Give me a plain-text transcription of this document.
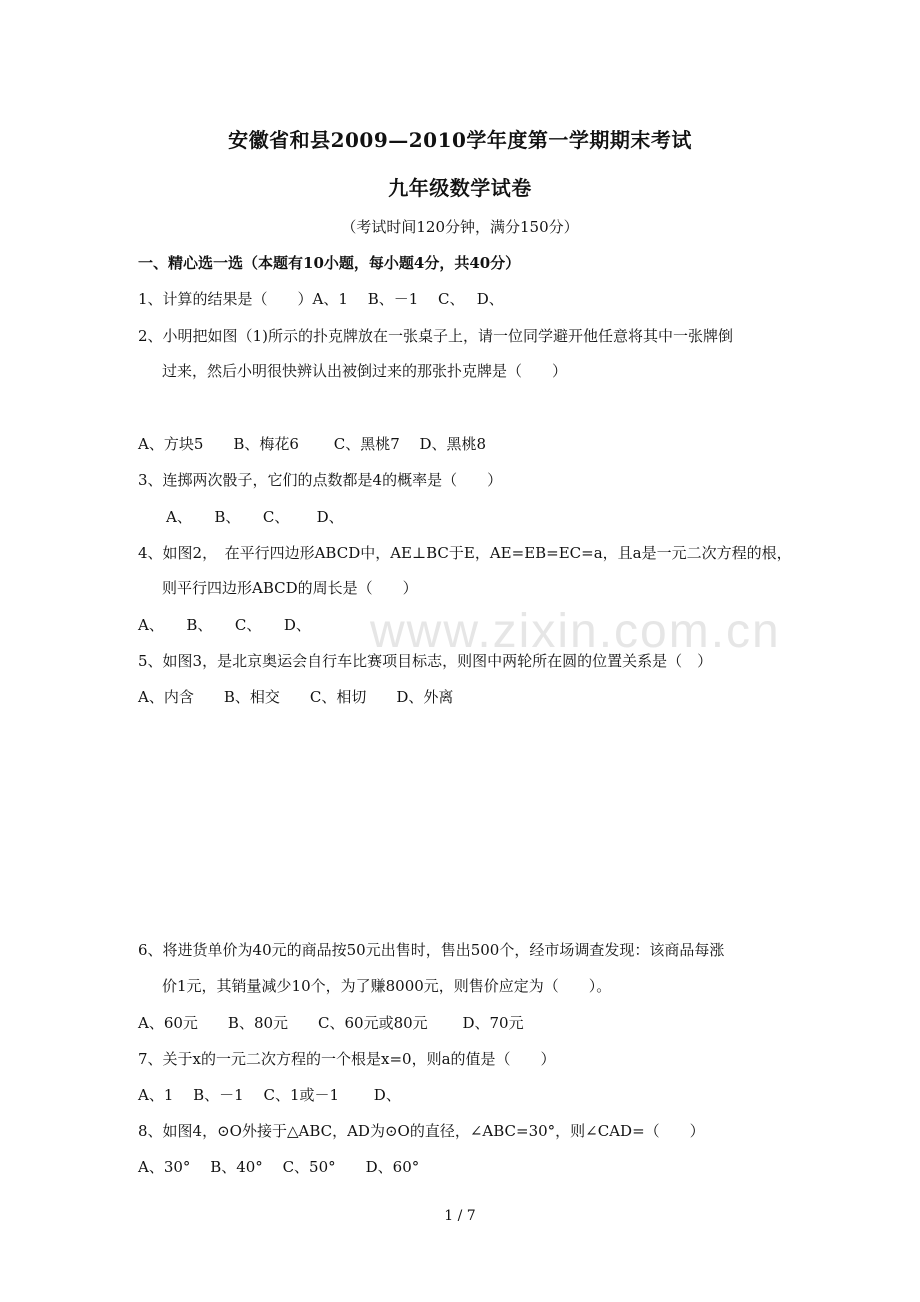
www.zixin.com.cn
安徽省和县2009—2010学年度第一学期期末考试
九年级数学试卷
（考试时间120分钟，满分150分）
一、精心选一选（本题有10小题，每小题4分，共40分）
1、计算的结果是（　　）A、1　 B、－1　 C、　 D、
2、小明把如图（1)所示的扑克牌放在一张桌子上，请一位同学避开他任意将其中一张牌倒
过来，然后小明很快辨认出被倒过来的那张扑克牌是（　　）
A、方块5　　B、梅花6　　 C、黑桃7　 D、黑桃8
3、连掷两次骰子，它们的点数都是4的概率是（　　）
A、　　B、　　C、　　 D、
4、如图2，　在平行四边形ABCD中，AE⊥BC于E，AE=EB=EC=a，且a是一元二次方程的根，
则平行四边形ABCD的周长是（　　）
A、　　B、　　C、　　D、
5、如图3，是北京奥运会自行车比赛项目标志，则图中两轮所在圆的位置关系是（　）
A、内含　　B、相交　　C、相切　　D、外离
6、将进货单价为40元的商品按50元出售时，售出500个，经市场调查发现：该商品每涨
价1元，其销量减少10个，为了赚8000元，则售价应定为（　　）。
A、60元　　B、80元　　C、60元或80元　　 D、70元
7、关于x的一元二次方程的一个根是x=0，则a的值是（　　）
A、1　 B、－1　 C、1或－1　　 D、
8、如图4，⊙O外接于△ABC，AD为⊙O的直径，∠ABC=30°，则∠CAD=（　　）
A、30°　 B、40°　 C、50°　　D、60°
1 / 7
